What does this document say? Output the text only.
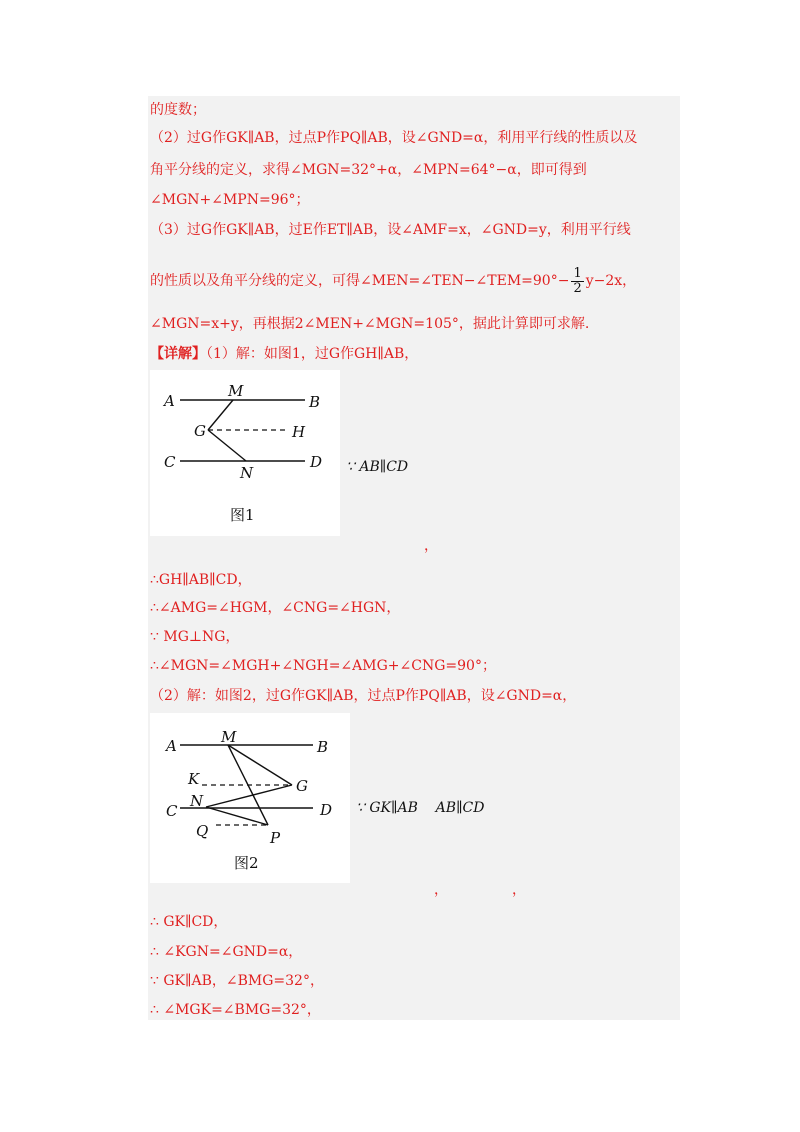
的度数；
（2）过G作GK∥AB，过点P作PQ∥AB，设∠GND=α，利用平行线的性质以及
角平分线的定义，求得∠MGN=32°+α，∠MPN=64°−α，即可得到
∠MGN+∠MPN=96°；
（3）过G作GK∥AB，过E作ET∥AB，设∠AMF=x，∠GND=y，利用平行线
的性质以及角平分线的定义，可得∠MEN=∠TEN−∠TEM=90°− $\frac{1}{2} y-2x$，
∠MGN=x+y，再根据2∠MEN+∠MGN=105°，据此计算即可求解.
【详解】（1）解：如图1，过G作GH∥AB，
A
M
B
G	H
C
N
D
图1
∵ AB∥CD
，
∴GH∥AB∥CD，
∴∠AMG=∠HGM，∠CNG=∠HGN，
∵ MG⊥NG，
∴∠MGN=∠MGH+∠NGH=∠AMG+∠CNG=90°；
（2）解：如图2，过G作GK∥AB，过点P作PQ∥AB，设∠GND=α，
A	M
B
K	G
N
C	D
Q	P
图2
∵ GK∥AB    AB∥CD
，	，
∴ GK∥CD，
∴ ∠KGN=∠GND=α，
∵ GK∥AB，∠BMG=32°，
∴ ∠MGK=∠BMG=32°，
